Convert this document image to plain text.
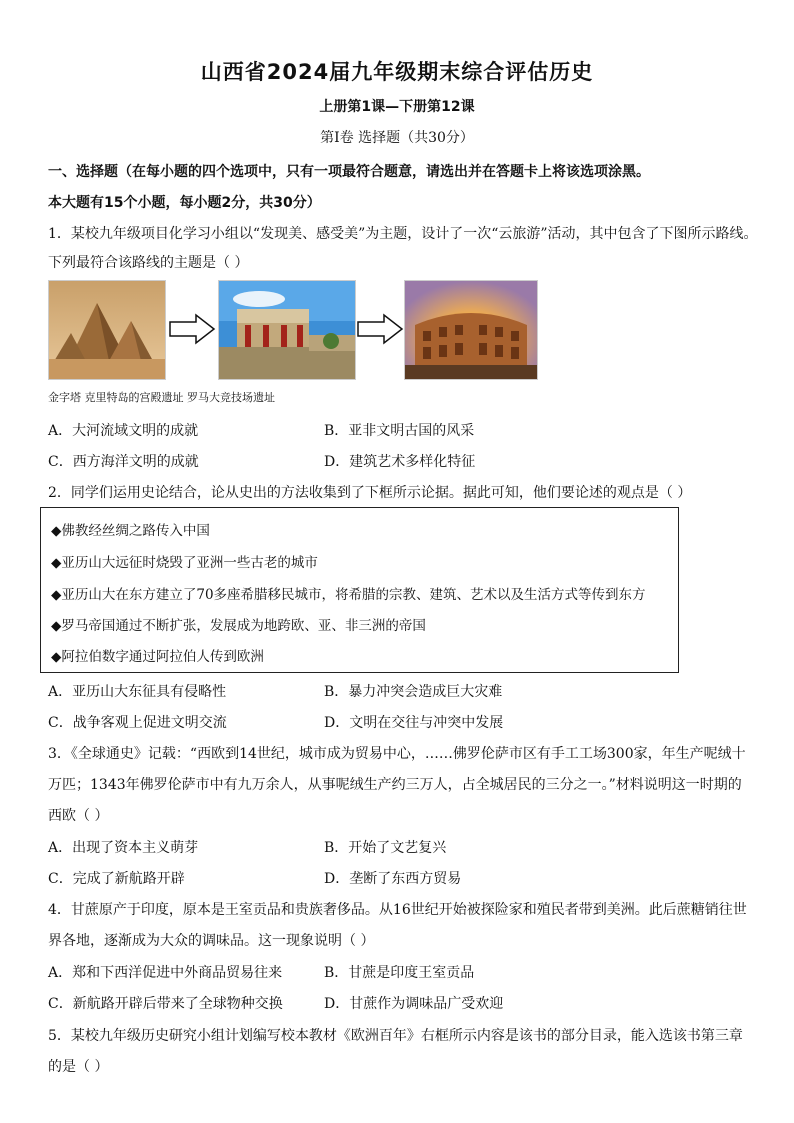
山西省2024届九年级期末综合评估历史
上册第1课—下册第12课
第Ⅰ卷 选择题（共30分）
一、选择题（在每小题的四个选项中，只有一项最符合题意，请选出并在答题卡上将该选项涂黑。
本大题有15个小题，每小题2分，共30分）
1．某校九年级项目化学习小组以“发现美、感受美”为主题，设计了一次“云旅游”活动，其中包含了下图所示路线。
下列最符合该路线的主题是（ ）
金字塔 克里特岛的宫殿遗址 罗马大竞技场遗址
A．大河流域文明的成就	B．亚非文明古国的风采
C．西方海洋文明的成就	D．建筑艺术多样化特征
2．同学们运用史论结合，论从史出的方法收集到了下框所示论据。据此可知，他们要论述的观点是（ ）
◆佛教经丝绸之路传入中国
◆亚历山大远征时烧毁了亚洲一些古老的城市
◆亚历山大在东方建立了70多座希腊移民城市，将希腊的宗教、建筑、艺术以及生活方式等传到东方
◆罗马帝国通过不断扩张，发展成为地跨欧、亚、非三洲的帝国
◆阿拉伯数字通过阿拉伯人传到欧洲
A．亚历山大东征具有侵略性	B．暴力冲突会造成巨大灾难
C．战争客观上促进文明交流	D．文明在交往与冲突中发展
3．《全球通史》记载：“西欧到14世纪，城市成为贸易中心，……佛罗伦萨市区有手工工场300家，年生产呢绒十
万匹；1343年佛罗伦萨市中有九万余人，从事呢绒生产约三万人，占全城居民的三分之一。”材料说明这一时期的
西欧（ ）
A．出现了资本主义萌芽	B．开始了文艺复兴
C．完成了新航路开辟	D．垄断了东西方贸易
4．甘蔗原产于印度，原本是王室贡品和贵族奢侈品。从16世纪开始被探险家和殖民者带到美洲。此后蔗糖销往世
界各地，逐渐成为大众的调味品。这一现象说明（ ）
A．郑和下西洋促进中外商品贸易往来	B．甘蔗是印度王室贡品
C．新航路开辟后带来了全球物种交换	D．甘蔗作为调味品广受欢迎
5．某校九年级历史研究小组计划编写校本教材《欧洲百年》右框所示内容是该书的部分目录，能入选该书第三章
的是（ ）
